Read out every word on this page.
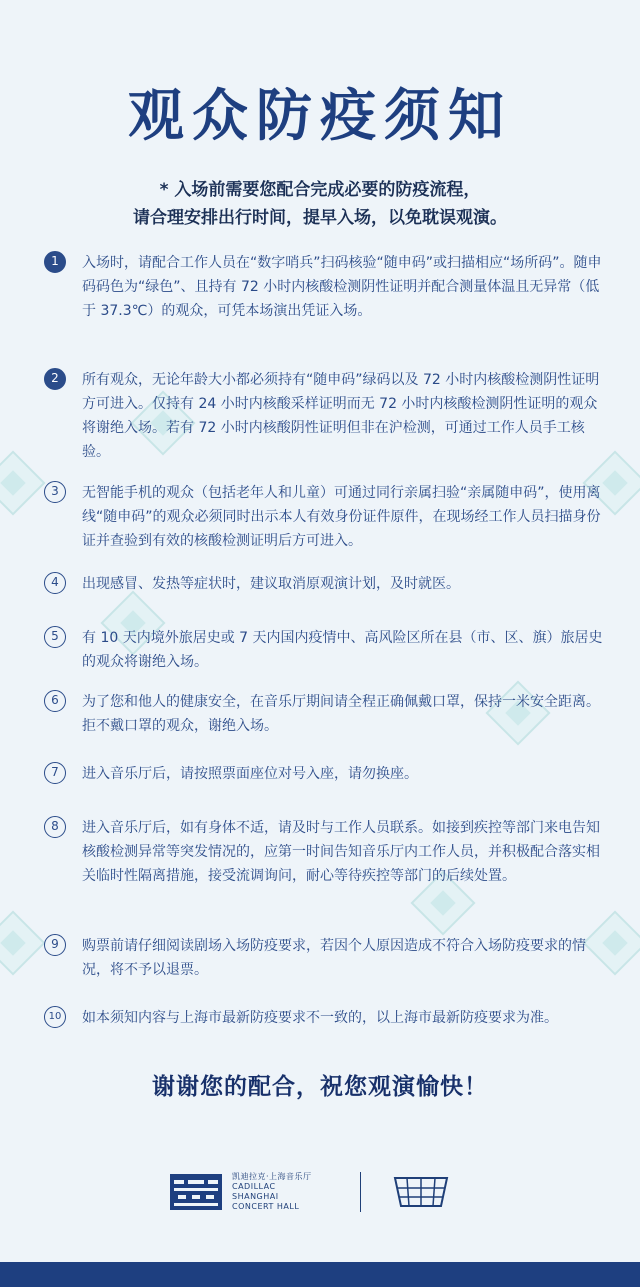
观众防疫须知
* 入场前需要您配合完成必要的防疫流程，
请合理安排出行时间，提早入场，以免耽误观演。
1	入场时，请配合工作人员在“数字哨兵”扫码核验“随申码”或扫描相应“场所码”。随申码码色为“绿色”、且持有 72 小时内核酸检测阴性证明并配合测量体温且无异常（低于 37.3℃）的观众，可凭本场演出凭证入场。

2	所有观众，无论年龄大小都必须持有“随申码”绿码以及 72 小时内核酸检测阴性证明方可进入。仅持有 24 小时内核酸采样证明而无 72 小时内核酸检测阴性证明的观众将谢绝入场。若有 72 小时内核酸阴性证明但非在沪检测，可通过工作人员手工核验。

3	无智能手机的观众（包括老年人和儿童）可通过同行亲属扫验“亲属随申码”，使用离线“随申码”的观众必须同时出示本人有效身份证件原件，在现场经工作人员扫描身份证并查验到有效的核酸检测证明后方可进入。

4	出现感冒、发热等症状时，建议取消原观演计划，及时就医。

5	有 10 天内境外旅居史或 7 天内国内疫情中、高风险区所在县（市、区、旗）旅居史的观众将谢绝入场。

6	为了您和他人的健康安全，在音乐厅期间请全程正确佩戴口罩，保持一米安全距离。拒不戴口罩的观众，谢绝入场。

7	进入音乐厅后，请按照票面座位对号入座，请勿换座。

8	进入音乐厅后，如有身体不适，请及时与工作人员联系。如接到疾控等部门来电告知核酸检测异常等突发情况的，应第一时间告知音乐厅内工作人员，并积极配合落实相关临时性隔离措施，接受流调询问，耐心等待疾控等部门的后续处置。

9	购票前请仔细阅读剧场入场防疫要求，若因个人原因造成不符合入场防疫要求的情况，将不予以退票。

10	如本须知内容与上海市最新防疫要求不一致的，以上海市最新防疫要求为准。

谢谢您的配合，祝您观演愉快！
凯迪拉克·上海音乐厅
CADILLAC
SHANGHAI
CONCERT HALL
